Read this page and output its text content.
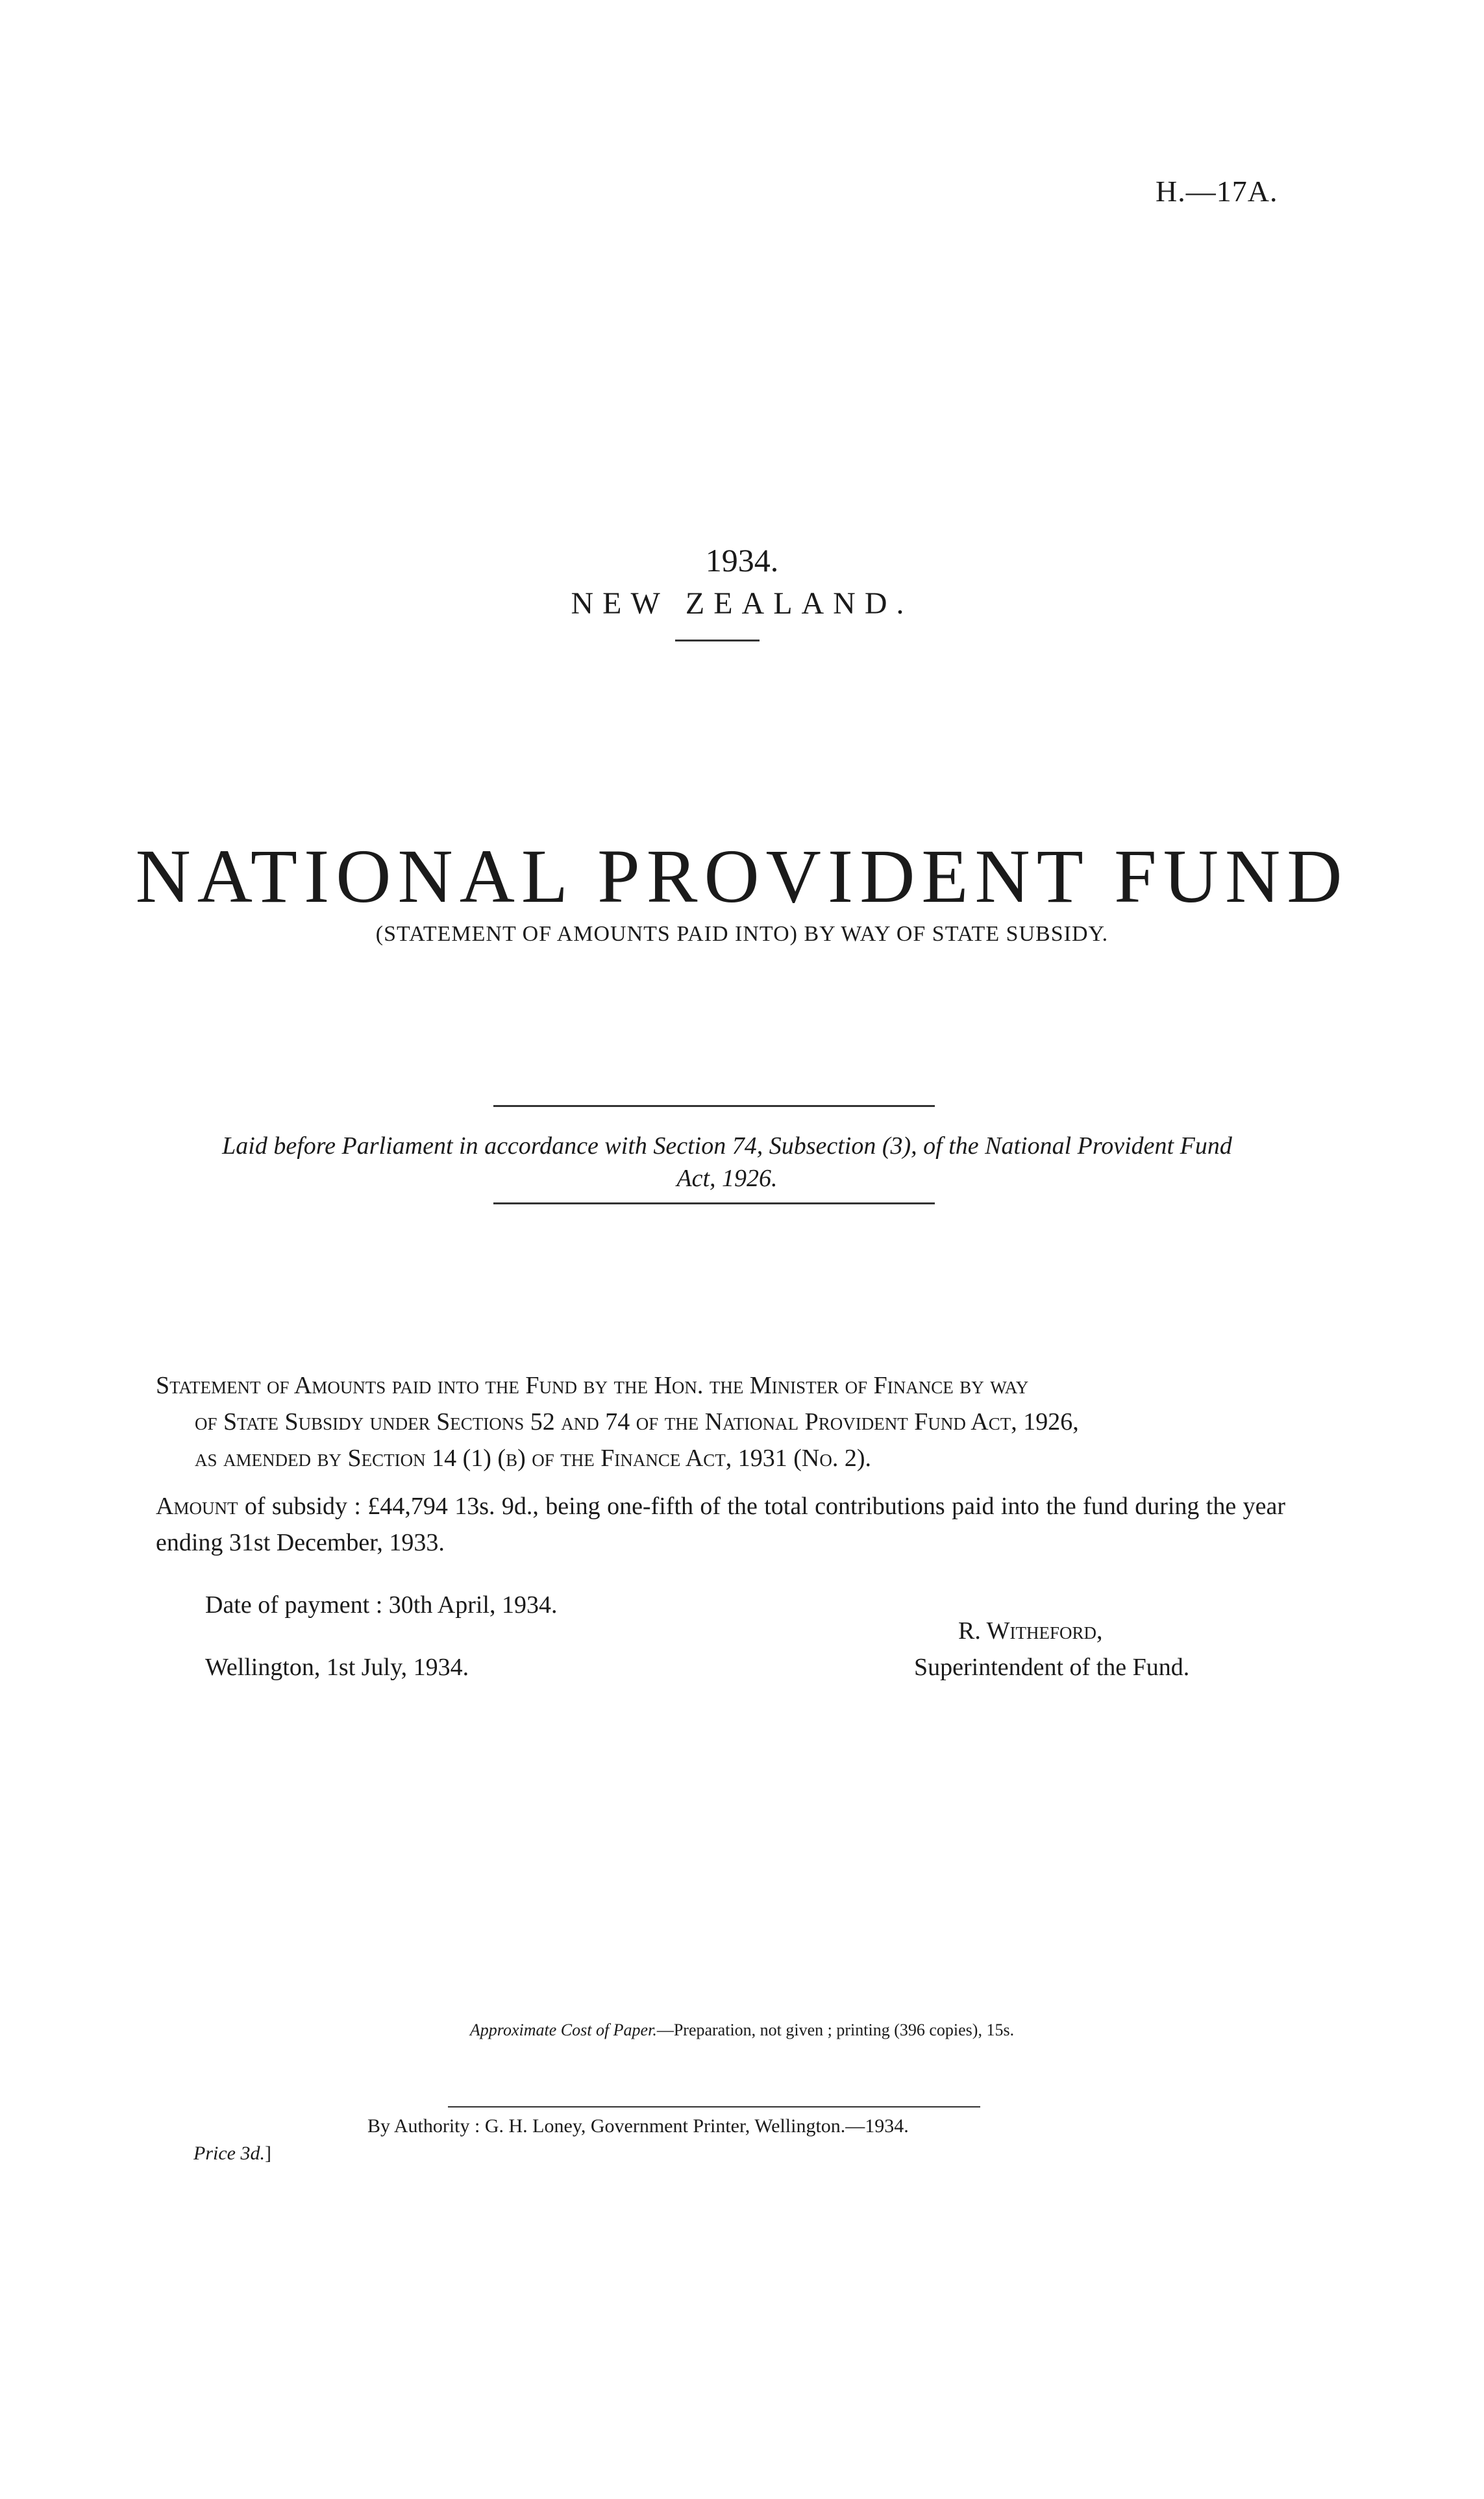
H.—17A.
1934.
NEW ZEALAND.
NATIONAL PROVIDENT FUND
(STATEMENT OF AMOUNTS PAID INTO) BY WAY OF STATE SUBSIDY.
Laid before Parliament in accordance with Section 74, Subsection (3), of the National Provident Fund
Act, 1926.
Statement of Amounts paid into the Fund by the Hon. the Minister of Finance by way
of State Subsidy under Sections 52 and 74 of the National Provident Fund Act, 1926,
as amended by Section 14 (1) (b) of the Finance Act, 1931 (No. 2).
Amount of subsidy : £44,794 13s. 9d., being one-fifth of the total contributions paid into the fund during the year ending 31st December, 1933.
Date of payment : 30th April, 1934.
R. Witheford,
Wellington, 1st July, 1934.	Superintendent of the Fund.
Approximate Cost of Paper.—Preparation, not given ; printing (396 copies), 15s.
By Authority : G. H. Loney, Government Printer, Wellington.—1934.
Price 3d.]
